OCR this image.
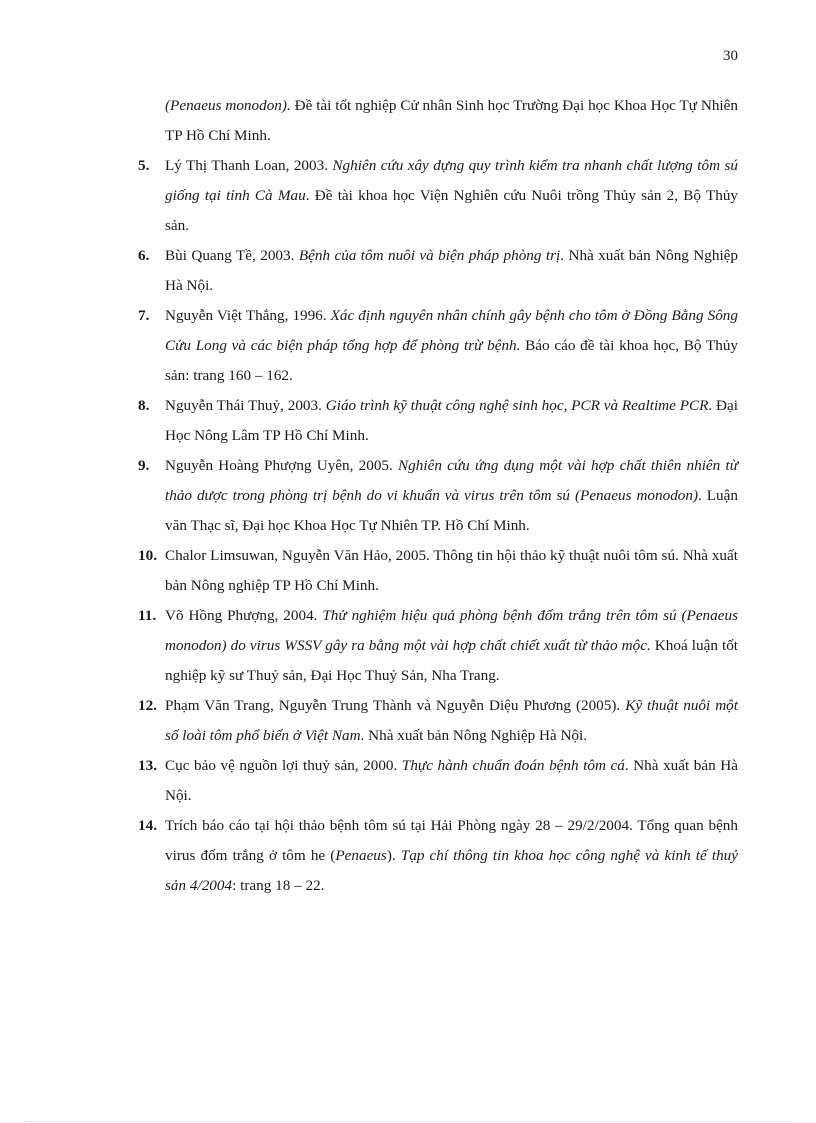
30
(Penaeus monodon). Đề tài tốt nghiệp Cử nhân Sinh học Trường Đại học Khoa Học Tự Nhiên TP Hồ Chí Minh.
5.	Lý Thị Thanh Loan, 2003. Nghiên cứu xây dựng quy trình kiểm tra nhanh chất lượng tôm sú giống tại tỉnh Cà Mau. Đề tài khoa học Viện Nghiên cứu Nuôi trồng Thủy sản 2, Bộ Thủy sản.
6.	Bùi Quang Tề, 2003. Bệnh của tôm nuôi và biện pháp phòng trị. Nhà xuất bản Nông Nghiệp Hà Nội.
7.	Nguyễn Việt Thắng, 1996. Xác định nguyên nhân chính gây bệnh cho tôm ở Đồng Bằng Sông Cửu Long và các biện pháp tổng hợp để phòng trừ bệnh. Báo cáo đề tài khoa học, Bộ Thủy sản: trang 160 – 162.
8.	Nguyễn Thái Thuỷ, 2003. Giáo trình kỹ thuật công nghệ sinh học, PCR và Realtime PCR. Đại Học Nông Lâm TP Hồ Chí Minh.
9.	Nguyễn Hoàng Phượng Uyên, 2005. Nghiên cứu ứng dụng một vài hợp chất thiên nhiên từ thảo dược trong phòng trị bệnh do vi khuẩn và virus trên tôm sú (Penaeus monodon). Luận văn Thạc sĩ, Đại học Khoa Học Tự Nhiên TP. Hồ Chí Minh.
10. Chalor Limsuwan, Nguyễn Văn Hảo, 2005. Thông tin hội thảo kỹ thuật nuôi tôm sú. Nhà xuất bản Nông nghiệp TP Hồ Chí Minh.
11. Võ Hồng Phượng, 2004. Thử nghiệm hiệu quả phòng bệnh đốm trắng trên tôm sú (Penaeus monodon) do virus WSSV gây ra bằng một vài hợp chất chiết xuất từ thảo mộc. Khoá luận tốt nghiệp kỹ sư Thuỷ sản, Đại Học Thuỷ Sản, Nha Trang.
12. Phạm Văn Trang, Nguyễn Trung Thành và Nguyễn Diệu Phương (2005). Kỹ thuật nuôi một số loài tôm phổ biến ở Việt Nam. Nhà xuất bản Nông Nghiệp Hà Nội.
13. Cục bảo vệ nguồn lợi thuỷ sản, 2000. Thực hành chuẩn đoán bệnh tôm cá. Nhà xuất bản Hà Nội.
14. Trích báo cáo tại hội thảo bệnh tôm sú tại Hải Phòng ngày 28 – 29/2/2004. Tổng quan bệnh virus đốm trắng ở tôm he (Penaeus). Tạp chí thông tin khoa học công nghệ và kinh tế thuỷ sản 4/2004: trang 18 – 22.
